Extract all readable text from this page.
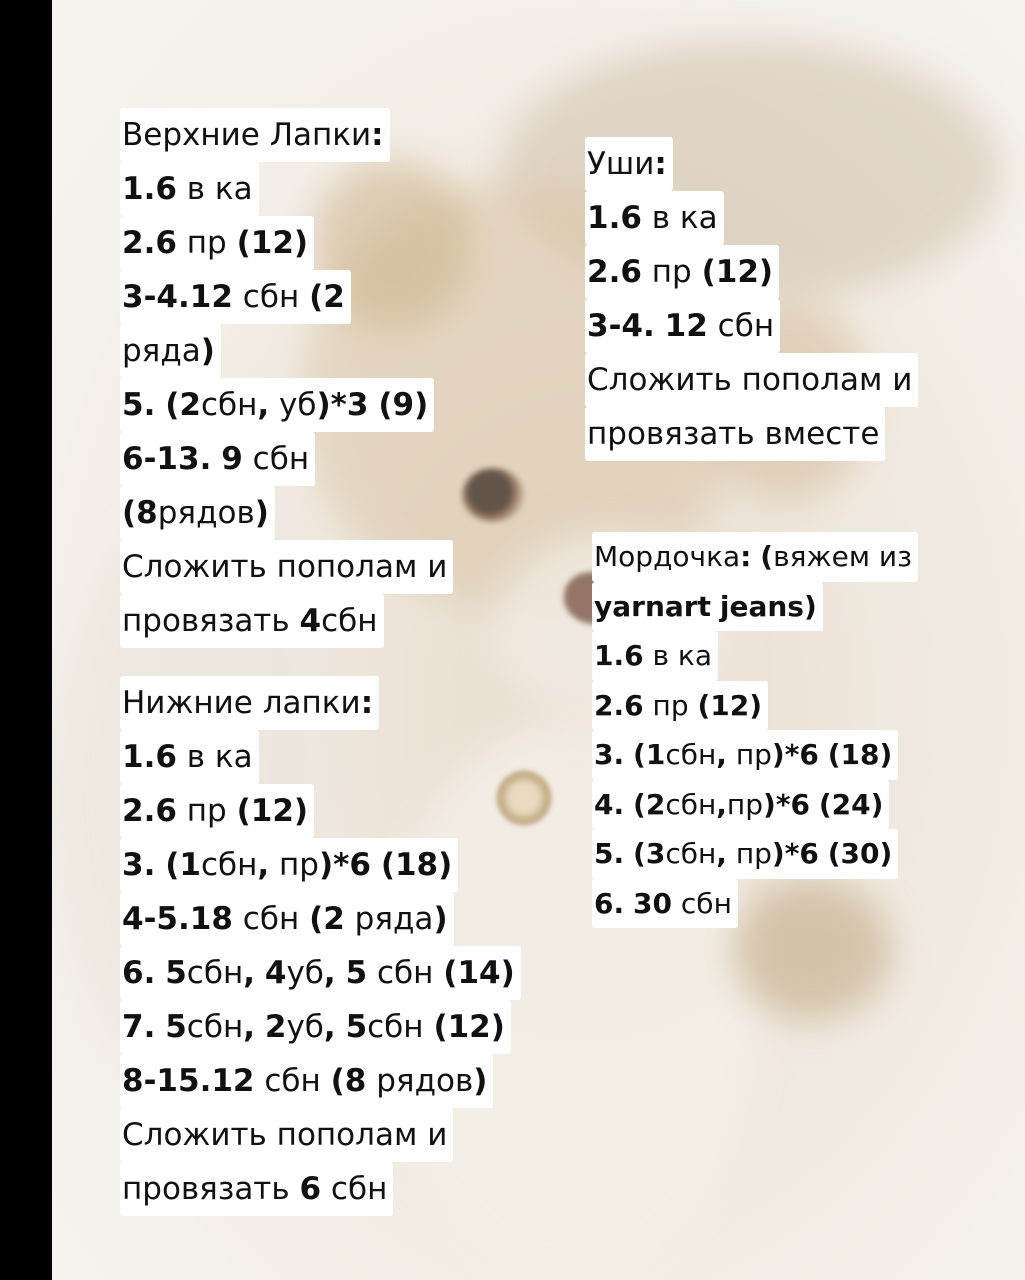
Верхние Лапки:
1.6 в ка
2.6 пр (12)
3-4.12 сбн (2
ряда)
5. (2сбн, уб)*3 (9)
6-13. 9 сбн
(8рядов)
Сложить пополам и
провязать 4сбн
Нижние лапки:
1.6 в ка
2.6 пр (12)
3. (1сбн, пр)*6 (18)
4-5.18 сбн (2 ряда)
6. 5сбн, 4уб, 5 сбн (14)
7. 5сбн, 2уб, 5сбн (12)
8-15.12 сбн (8 рядов)
Сложить пополам и
провязать 6 сбн
Уши:
1.6 в ка
2.6 пр (12)
3-4. 12 сбн
Сложить пополам и
провязать вместе
Мордочка: (вяжем из
yarnart jeans)
1.6 в ка
2.6 пр (12)
3. (1сбн, пр)*6 (18)
4. (2сбн,пр)*6 (24)
5. (3сбн, пр)*6 (30)
6. 30 сбн
